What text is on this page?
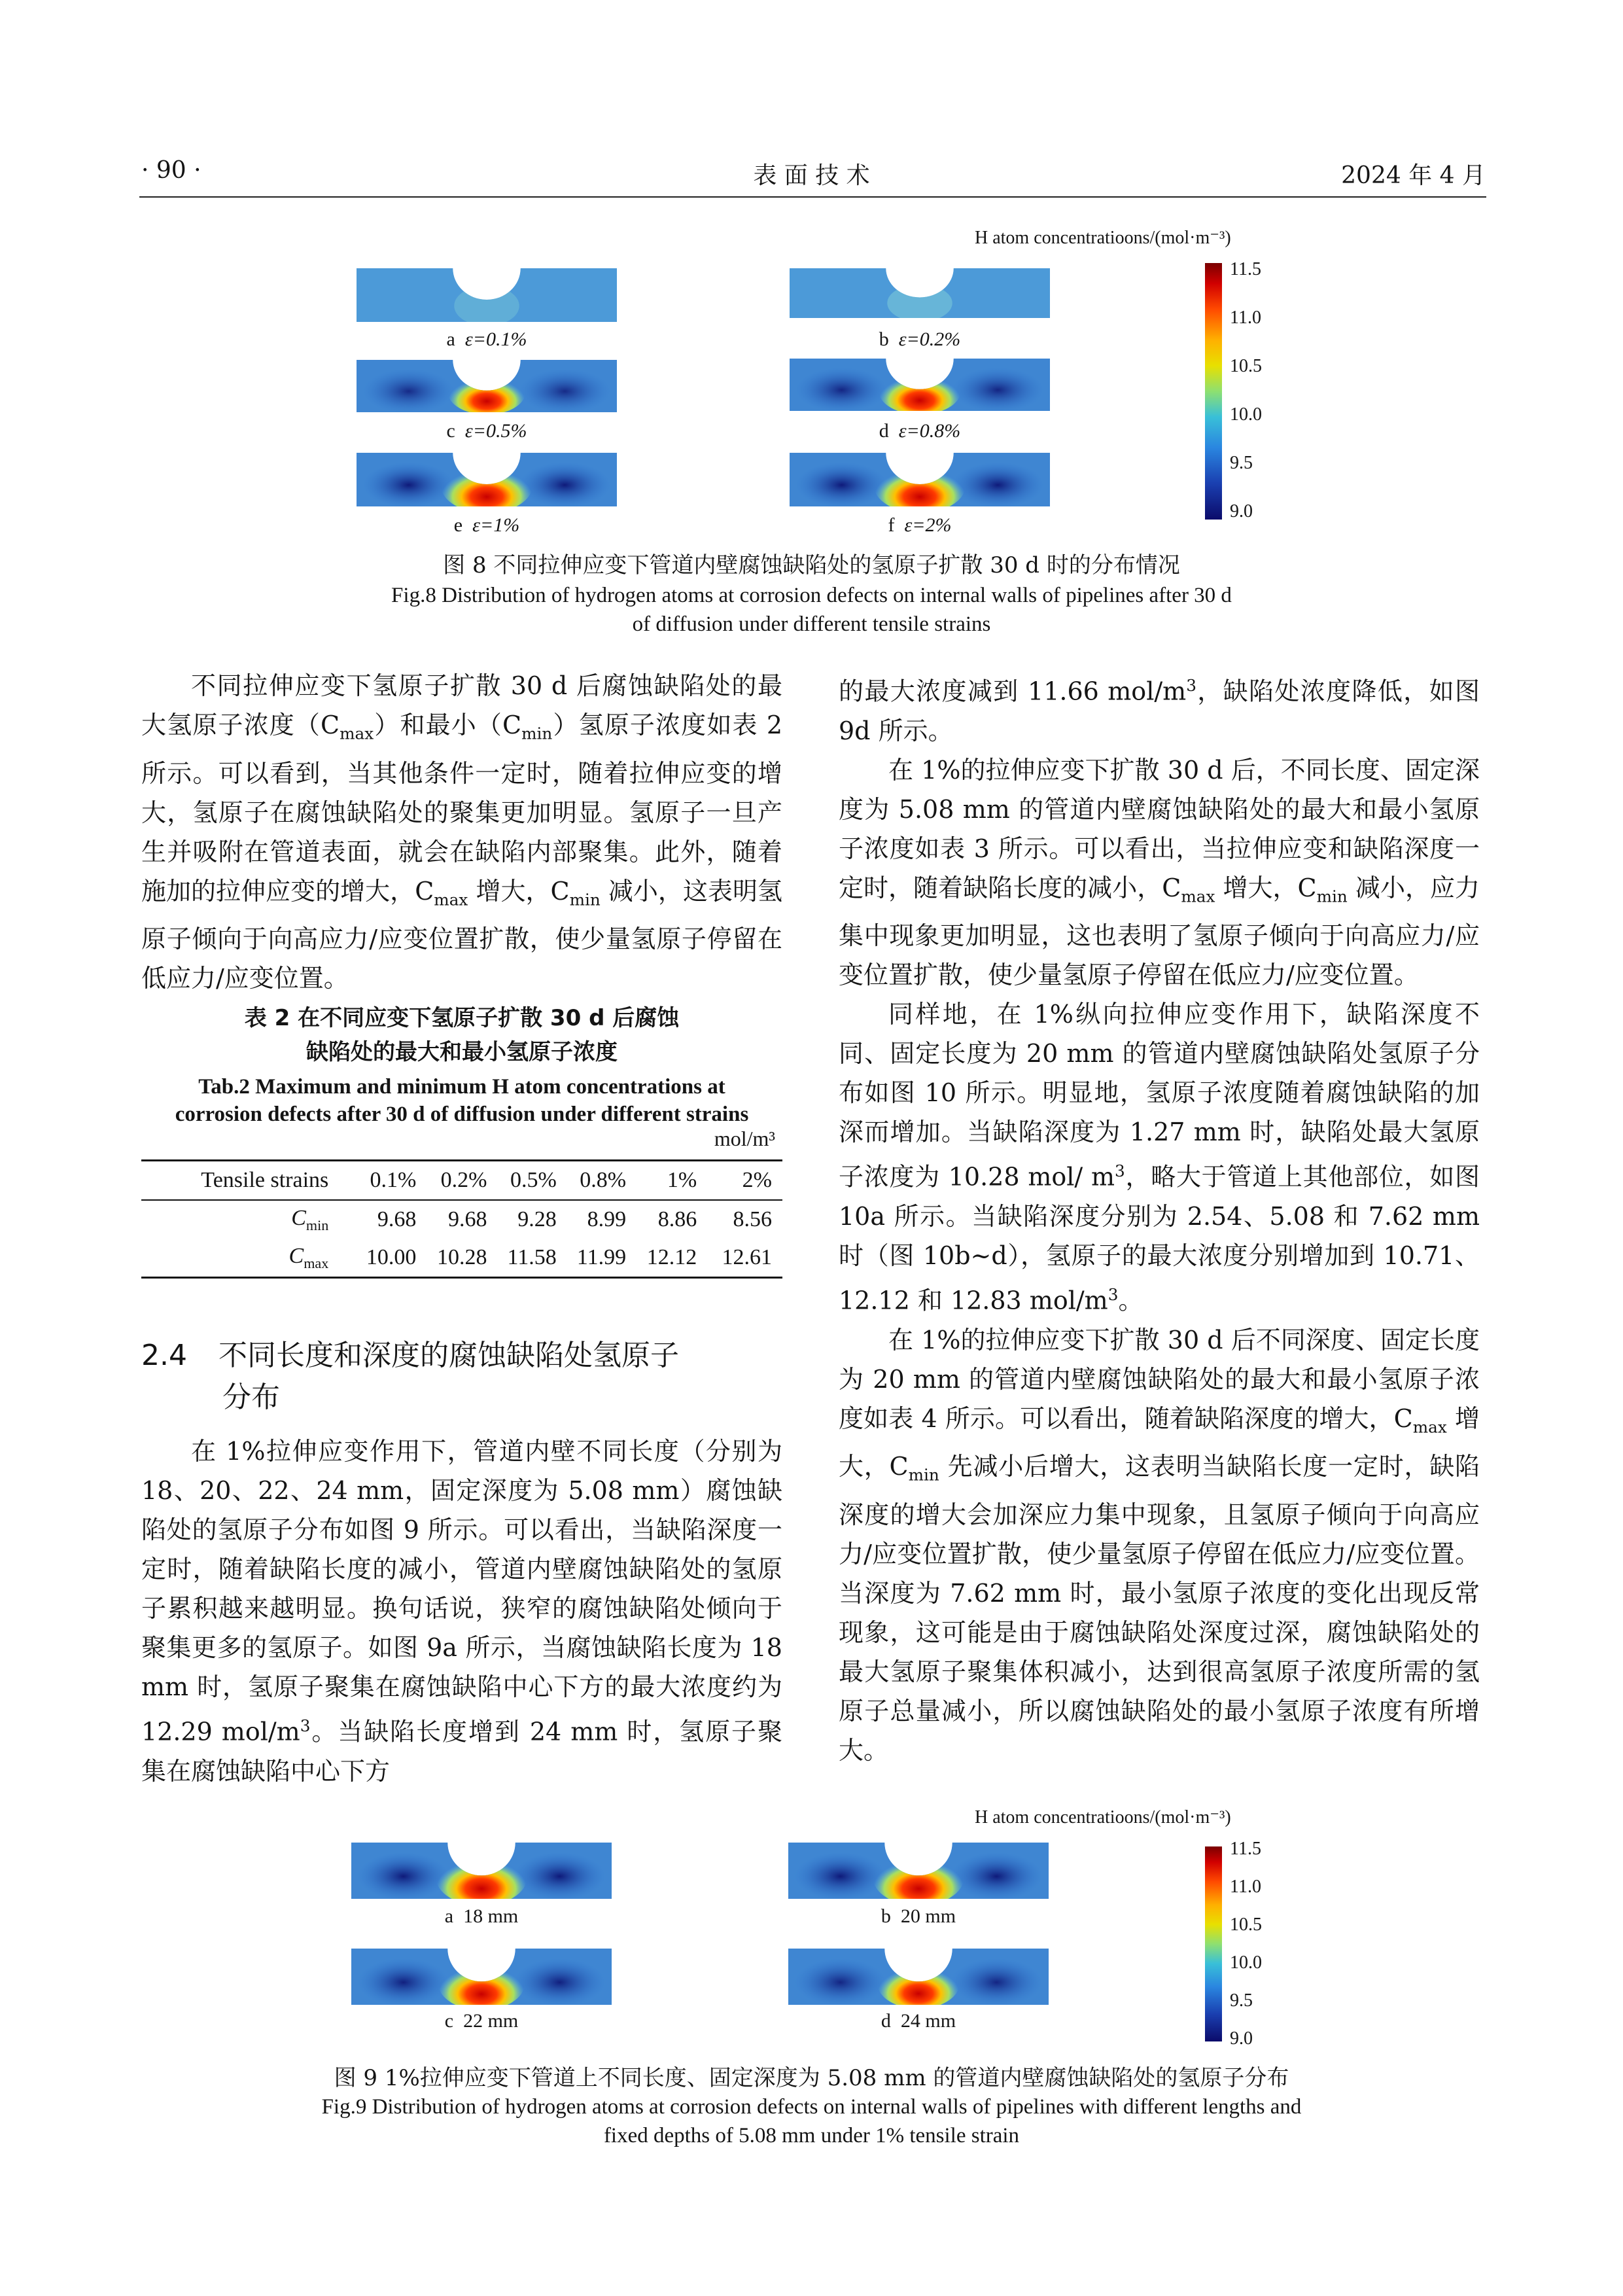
· 90 ·	表 面 技 术	2024 年 4 月
H atom concentratioons/(mol·m⁻³)
11.5
11.0
10.5
10.0
9.5
9.0
a ε=0.1%	b ε=0.2%
c ε=0.5%	d ε=0.8%
e ε=1%	f ε=2%
图 8 不同拉伸应变下管道内壁腐蚀缺陷处的氢原子扩散 30 d 时的分布情况
Fig.8 Distribution of hydrogen atoms at corrosion defects on internal walls of pipelines after 30 d
of diffusion under different tensile strains

不同拉伸应变下氢原子扩散 30 d 后腐蚀缺陷处的最大氢原子浓度$(C_{max})$和最小$(C_{min})$氢原子浓度如表 2 所示。可以看到，当其他条件一定时，随着拉伸应变的增大，氢原子在腐蚀缺陷处的聚集更加明显。氢原子一旦产生并吸附在管道表面，就会在缺陷内部聚集。此外，随着施加的拉伸应变的增大，$C_{max}$ 增大，$C_{min}$ 减小，这表明氢原子倾向于向高应力/应变位置扩散，使少量氢原子停留在低应力/应变位置。

表 2 在不同应变下氢原子扩散 30 d 后腐蚀
缺陷处的最大和最小氢原子浓度
Tab.2 Maximum and minimum H atom concentrations at
corrosion defects after 30 d of diffusion under different strains
mol/m³
Tensile strains	0.1%	0.2%	0.5%	0.8%	1%	2%
$C_{min}$	9.68	9.68	9.28	8.99	8.86	8.56
$C_{max}$	10.00	10.28	11.58	11.99	12.12	12.61
2.4 不同长度和深度的腐蚀缺陷处氢原子
分布

在 1%拉伸应变作用下，管道内壁不同长度（分别为 18、20、22、24 mm，固定深度为 5.08 mm）腐蚀缺陷处的氢原子分布如图 9 所示。可以看出，当缺陷深度一定时，随着缺陷长度的减小，管道内壁腐蚀缺陷处的氢原子累积越来越明显。换句话说，狭窄的腐蚀缺陷处倾向于聚集更多的氢原子。如图 9a 所示，当腐蚀缺陷长度为 18 mm 时，氢原子聚集在腐蚀缺陷中心下方的最大浓度约为 12.29 mol/$m^3$。当缺陷长度增到 24 mm 时，氢原子聚集在腐蚀缺陷中心下方

的最大浓度减到 11.66 mol/$m^3$，缺陷处浓度降低，如图 9d 所示。

在 1%的拉伸应变下扩散 30 d 后，不同长度、固定深度为 5.08 mm 的管道内壁腐蚀缺陷处的最大和最小氢原子浓度如表 3 所示。可以看出，当拉伸应变和缺陷深度一定时，随着缺陷长度的减小，$C_{max}$ 增大，$C_{min}$ 减小，应力集中现象更加明显，这也表明了氢原子倾向于向高应力/应变位置扩散，使少量氢原子停留在低应力/应变位置。

同样地，在 1%纵向拉伸应变作用下，缺陷深度不同、固定长度为 20 mm 的管道内壁腐蚀缺陷处氢原子分布如图 10 所示。明显地，氢原子浓度随着腐蚀缺陷的加深而增加。当缺陷深度为 1.27 mm 时，缺陷处最大氢原子浓度为 10.28 mol/ $m^3$，略大于管道上其他部位，如图 10a 所示。当缺陷深度分别为 2.54、5.08 和 7.62 mm 时（图 10b~d），氢原子的最大浓度分别增加到 10.71、12.12 和 12.83 mol/$m^3$。

在 1%的拉伸应变下扩散 30 d 后不同深度、固定长度为 20 mm 的管道内壁腐蚀缺陷处的最大和最小氢原子浓度如表 4 所示。可以看出，随着缺陷深度的增大，$C_{max}$ 增大，$C_{min}$ 先减小后增大，这表明当缺陷长度一定时，缺陷深度的增大会加深应力集中现象，且氢原子倾向于向高应力/应变位置扩散，使少量氢原子停留在低应力/应变位置。当深度为 7.62 mm 时，最小氢原子浓度的变化出现反常现象，这可能是由于腐蚀缺陷处深度过深，腐蚀缺陷处的最大氢原子聚集体积减小，达到很高氢原子浓度所需的氢原子总量减小，所以腐蚀缺陷处的最小氢原子浓度有所增大。

H atom concentratioons/(mol·m⁻³)
11.5
11.0
10.5
10.0
9.5
9.0
a 18 mm	b 20 mm
c 22 mm	d 24 mm
图 9 1%拉伸应变下管道上不同长度、固定深度为 5.08 mm 的管道内壁腐蚀缺陷处的氢原子分布
Fig.9 Distribution of hydrogen atoms at corrosion defects on internal walls of pipelines with different lengths and
fixed depths of 5.08 mm under 1% tensile strain
